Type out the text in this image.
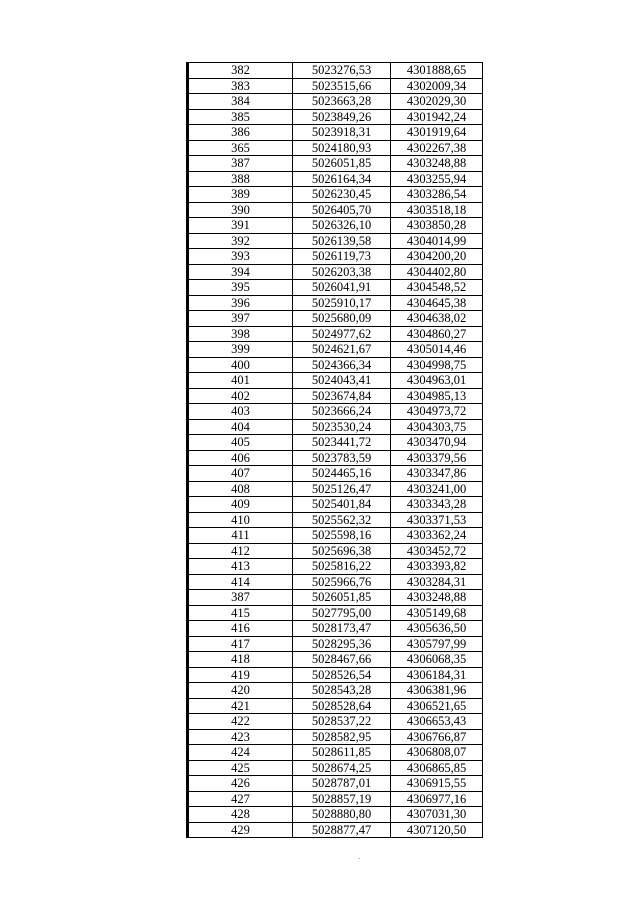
382	5023276,53	4301888,65
383	5023515,66	4302009,34
384	5023663,28	4302029,30
385	5023849,26	4301942,24
386	5023918,31	4301919,64
365	5024180,93	4302267,38
387	5026051,85	4303248,88
388	5026164,34	4303255,94
389	5026230,45	4303286,54
390	5026405,70	4303518,18
391	5026326,10	4303850,28
392	5026139,58	4304014,99
393	5026119,73	4304200,20
394	5026203,38	4304402,80
395	5026041,91	4304548,52
396	5025910,17	4304645,38
397	5025680,09	4304638,02
398	5024977,62	4304860,27
399	5024621,67	4305014,46
400	5024366,34	4304998,75
401	5024043,41	4304963,01
402	5023674,84	4304985,13
403	5023666,24	4304973,72
404	5023530,24	4304303,75
405	5023441,72	4303470,94
406	5023783,59	4303379,56
407	5024465,16	4303347,86
408	5025126,47	4303241,00
409	5025401,84	4303343,28
410	5025562,32	4303371,53
411	5025598,16	4303362,24
412	5025696,38	4303452,72
413	5025816,22	4303393,82
414	5025966,76	4303284,31
387	5026051,85	4303248,88
415	5027795,00	4305149,68
416	5028173,47	4305636,50
417	5028295,36	4305797,99
418	5028467,66	4306068,35
419	5028526,54	4306184,31
420	5028543,28	4306381,96
421	5028528,64	4306521,65
422	5028537,22	4306653,43
423	5028582,95	4306766,87
424	5028611,85	4306808,07
425	5028674,25	4306865,85
426	5028787,01	4306915,55
427	5028857,19	4306977,16
428	5028880,80	4307031,30
429	5028877,47	4307120,50
